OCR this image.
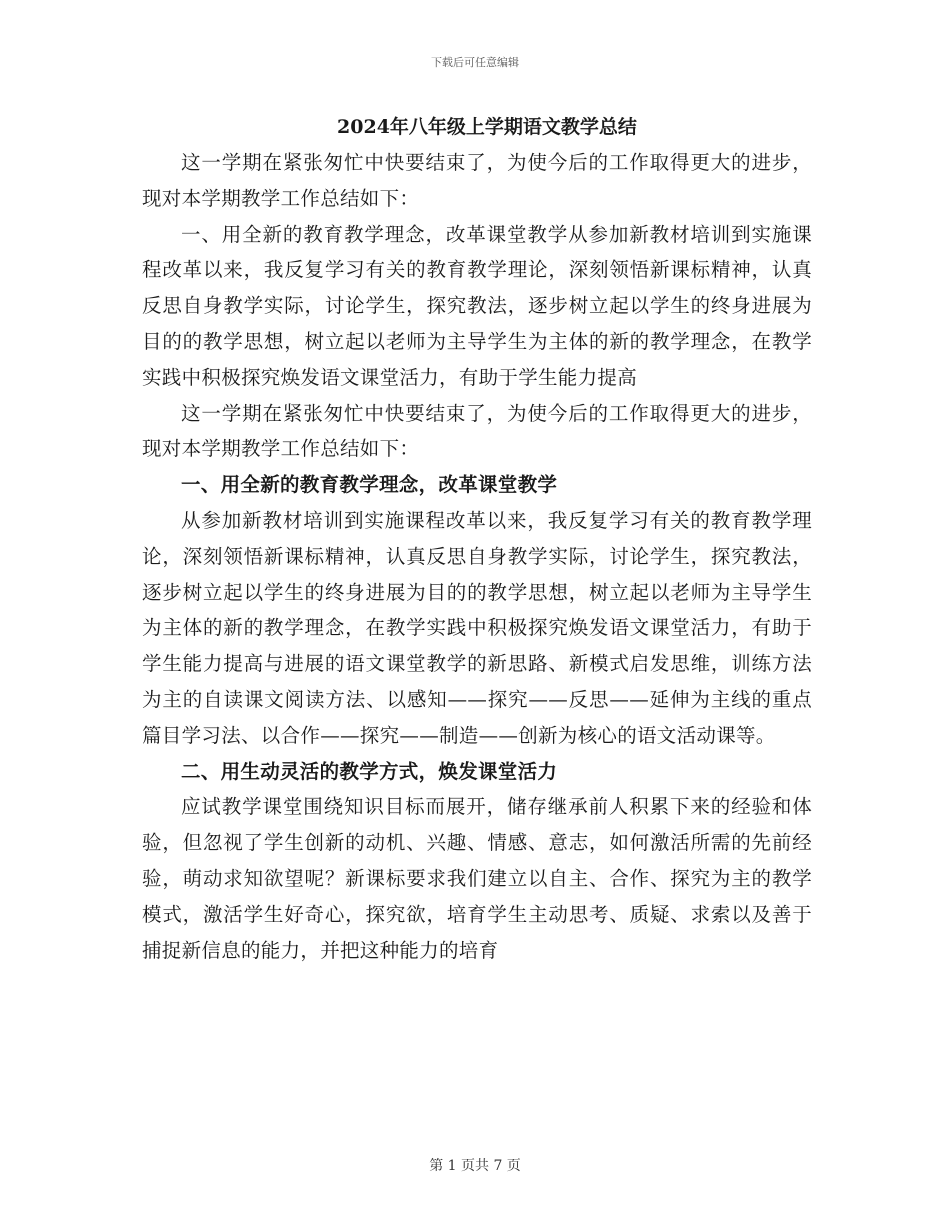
下载后可任意编辑
2024年八年级上学期语文教学总结

这一学期在紧张匆忙中快要结束了，为使今后的工作取得更大的进步，现对本学期教学工作总结如下：

一、用全新的教育教学理念，改革课堂教学从参加新教材培训到实施课程改革以来，我反复学习有关的教育教学理论，深刻领悟新课标精神，认真反思自身教学实际，讨论学生，探究教法，逐步树立起以学生的终身进展为目的的教学思想，树立起以老师为主导学生为主体的新的教学理念，在教学实践中积极探究焕发语文课堂活力，有助于学生能力提高

这一学期在紧张匆忙中快要结束了，为使今后的工作取得更大的进步，现对本学期教学工作总结如下：

一、用全新的教育教学理念，改革课堂教学

从参加新教材培训到实施课程改革以来，我反复学习有关的教育教学理论，深刻领悟新课标精神，认真反思自身教学实际，讨论学生，探究教法，逐步树立起以学生的终身进展为目的的教学思想，树立起以老师为主导学生为主体的新的教学理念，在教学实践中积极探究焕发语文课堂活力，有助于学生能力提高与进展的语文课堂教学的新思路、新模式启发思维，训练方法为主的自读课文阅读方法、以感知——探究——反思——延伸为主线的重点篇目学习法、以合作——探究——制造——创新为核心的语文活动课等。

二、用生动灵活的教学方式，焕发课堂活力

应试教学课堂围绕知识目标而展开，储存继承前人积累下来的经验和体验，但忽视了学生创新的动机、兴趣、情感、意志，如何激活所需的先前经验，萌动求知欲望呢？新课标要求我们建立以自主、合作、探究为主的教学模式，激活学生好奇心，探究欲，培育学生主动思考、质疑、求索以及善于捕捉新信息的能力，并把这种能力的培育

第 1 页共 7 页
